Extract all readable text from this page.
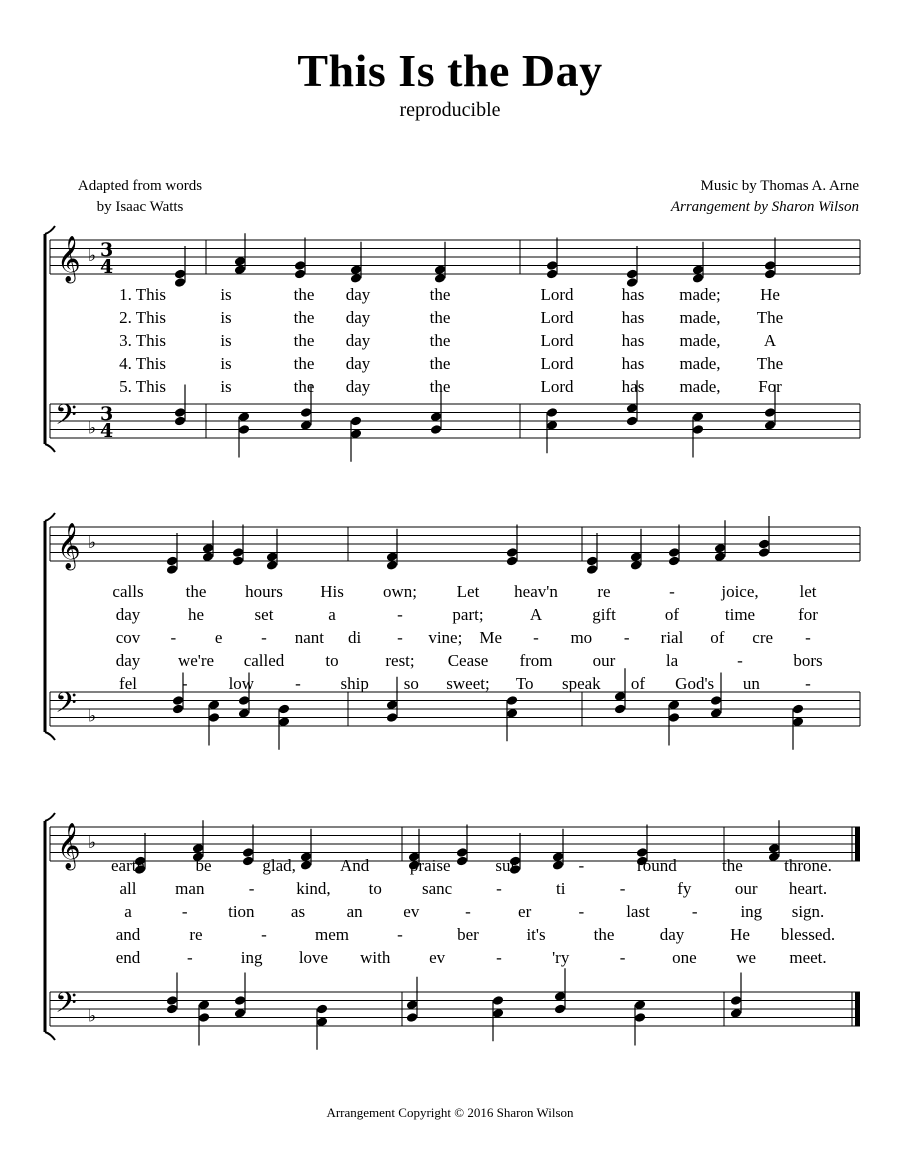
This Is the Day
reproducible
Adapted from words
by Isaac Watts
Music by Thomas A. Arne
Arrangement by Sharon Wilson
𝄞 ♭ 3
4
𝄢 ♭
3
4
1. This	is	the day	the	Lord	has made; He
2. This	is	the day	the	Lord	has made, The
3. This	is	the day	the	Lord	has made,	A
4. This	is	the day	the	Lord	has made, The
5. This	is	the day	the	Lord	has made, For
𝄞 ♭
𝄢 ♭
calls the hours His own; Let heav'n re	-	joice, let
day	he	set	a	-	part;	A	gift	of	time	for
cov - e - nant di - vine; Me - mo - rial of cre -
day we're called to	rest; Cease from our	la	-	bors
fel	- low - ship so sweet; To speak of God's un	-
𝄞 ♭
𝄢 ♭
earth	be	glad,	And praise	sur	-	round	the throne.
all man	- kind, to sanc	-	ti	-	fy	our heart.
a	- tion as an ev	-	er	- last -	ing sign.
and	re	-	mem	-	ber	it's	the	day	He blessed.
end	-	ing love with ev	-	'ry	-	one we meet.
Arrangement Copyright © 2016 Sharon Wilson
